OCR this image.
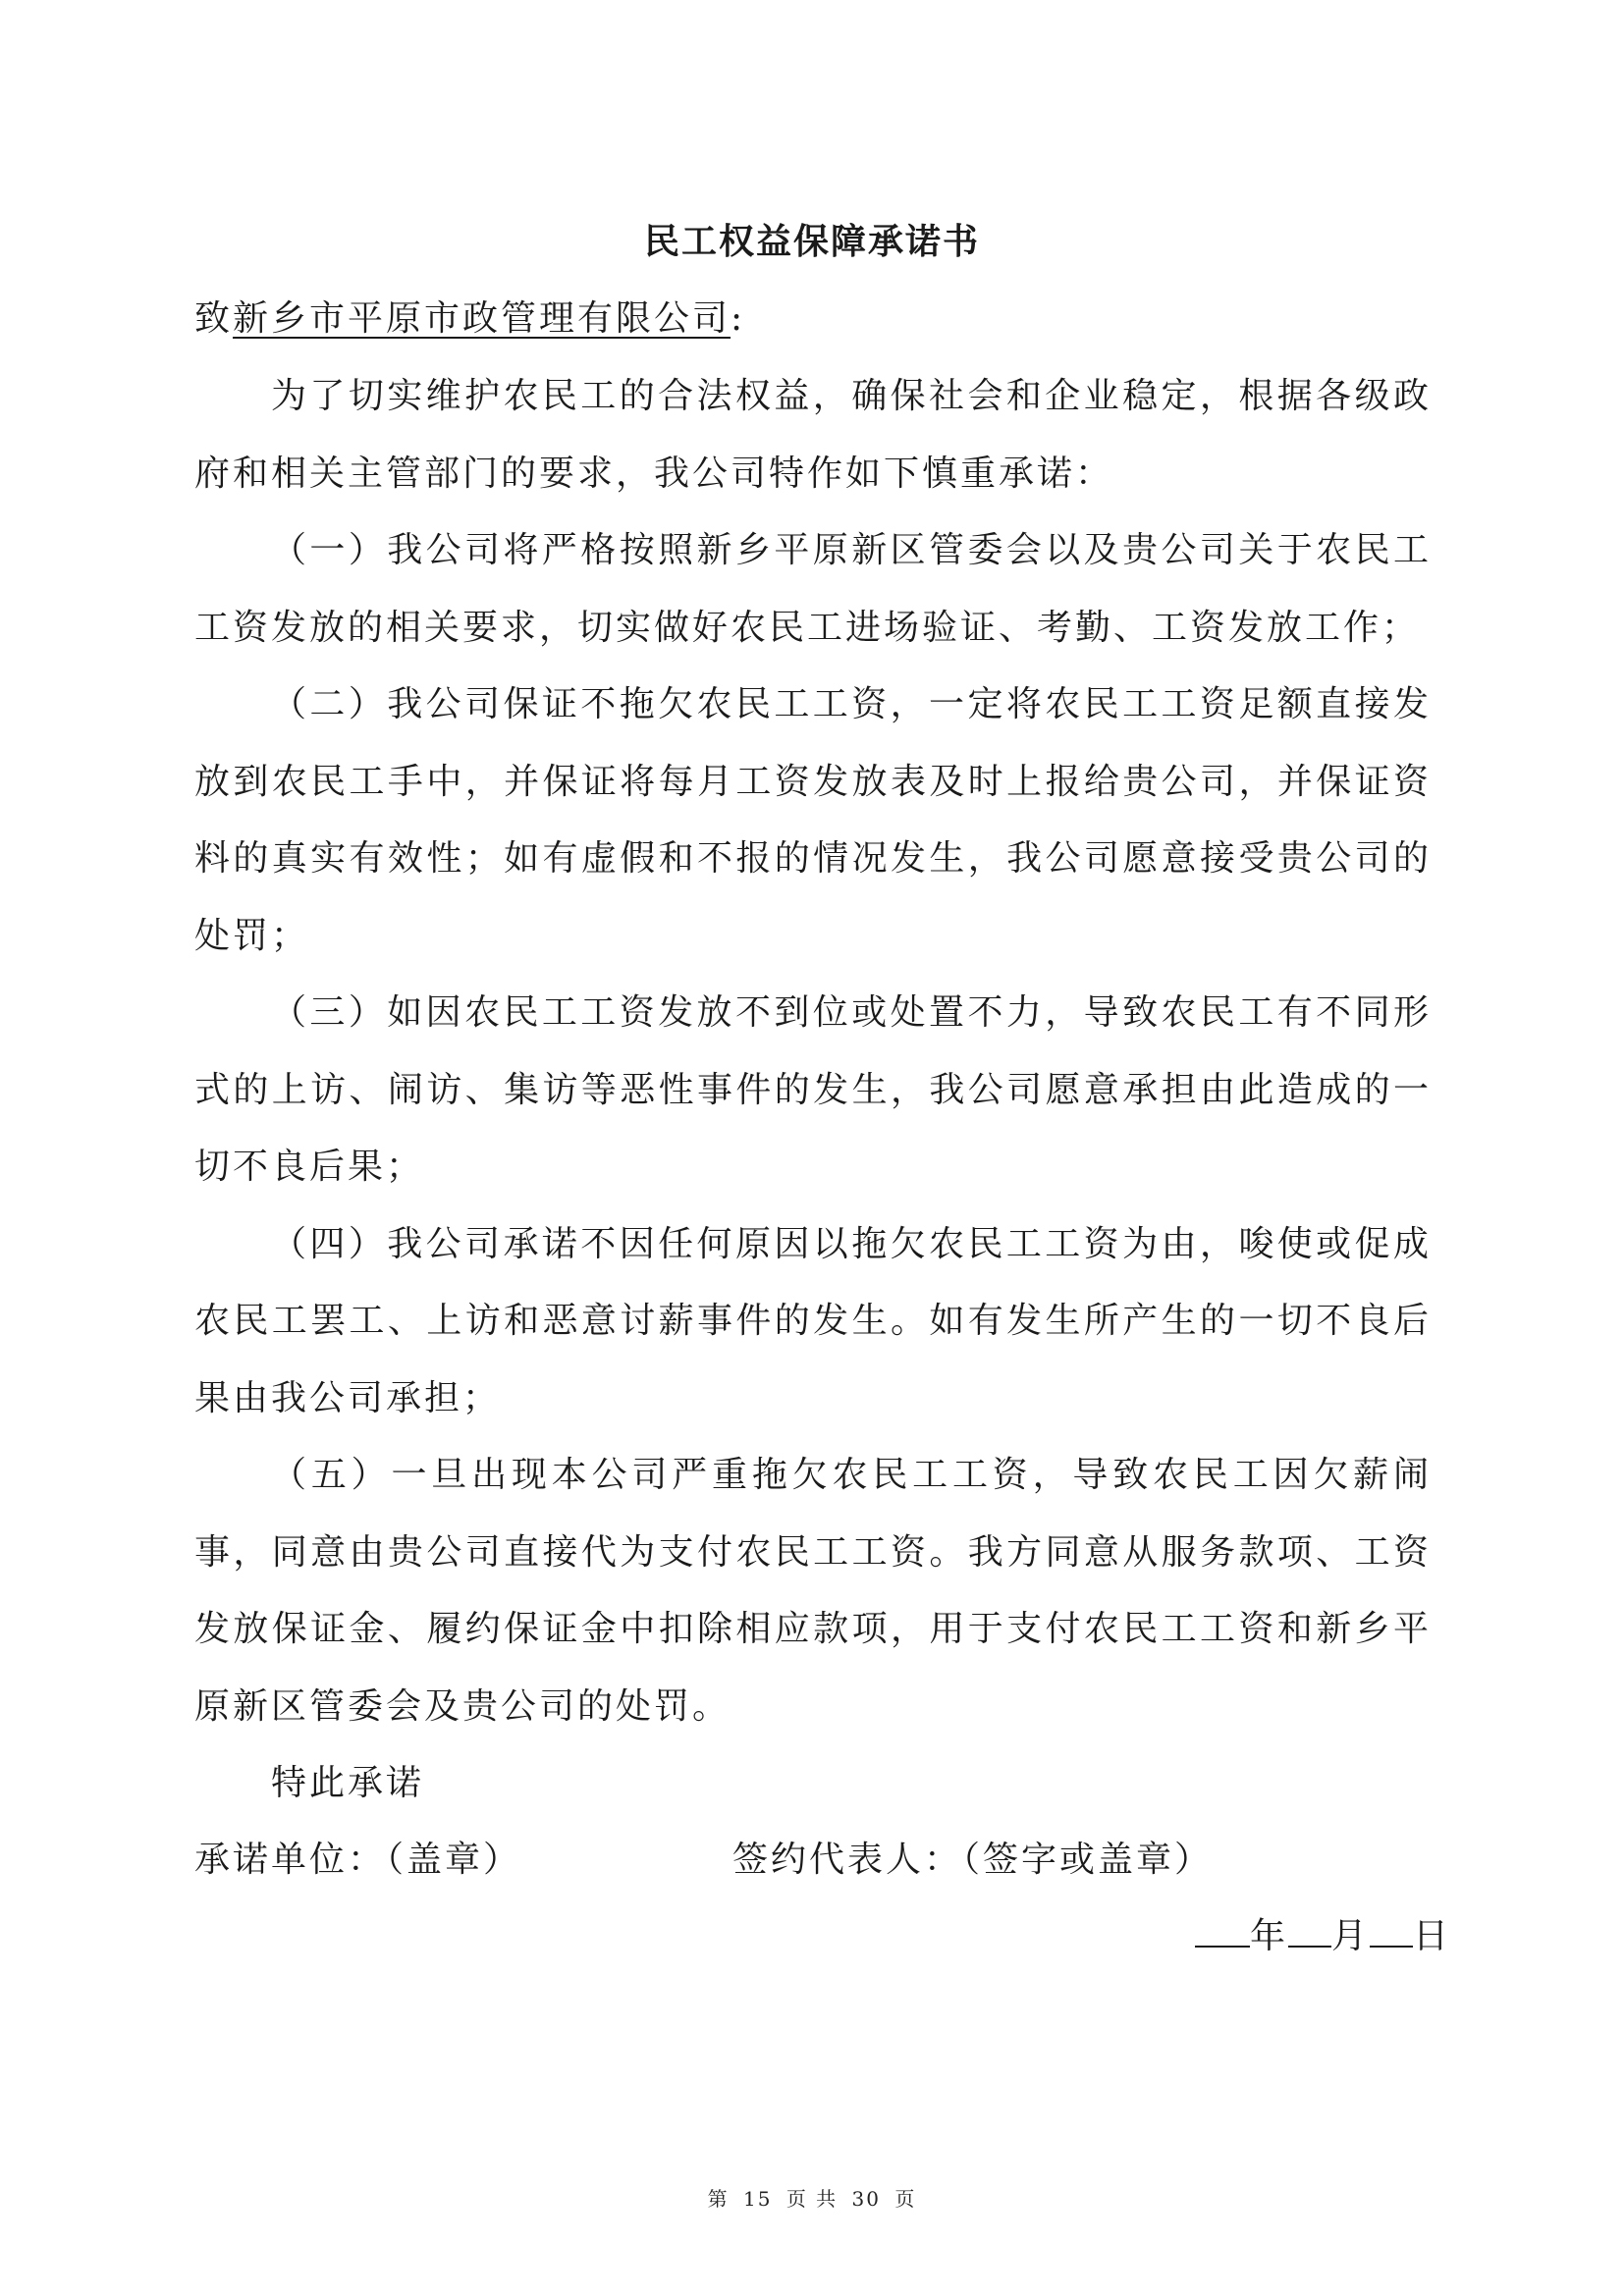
民工权益保障承诺书
致新乡市平原市政管理有限公司:

为了切实维护农民工的合法权益，确保社会和企业稳定，根据各级政府和相关主管部门的要求，我公司特作如下慎重承诺：

（一）我公司将严格按照新乡平原新区管委会以及贵公司关于农民工工资发放的相关要求，切实做好农民工进场验证、考勤、工资发放工作；

（二）我公司保证不拖欠农民工工资，一定将农民工工资足额直接发放到农民工手中，并保证将每月工资发放表及时上报给贵公司，并保证资料的真实有效性；如有虚假和不报的情况发生，我公司愿意接受贵公司的处罚；

（三）如因农民工工资发放不到位或处置不力，导致农民工有不同形式的上访、闹访、集访等恶性事件的发生，我公司愿意承担由此造成的一切不良后果；

（四）我公司承诺不因任何原因以拖欠农民工工资为由，唆使或促成农民工罢工、上访和恶意讨薪事件的发生。如有发生所产生的一切不良后果由我公司承担；

（五）一旦出现本公司严重拖欠农民工工资，导致农民工因欠薪闹事，同意由贵公司直接代为支付农民工工资。我方同意从服务款项、工资发放保证金、履约保证金中扣除相应款项，用于支付农民工工资和新乡平原新区管委会及贵公司的处罚。

特此承诺
承诺单位：（盖章）	签约代表人：（签字或盖章）
年 月 日
第 15 页 共 30 页
